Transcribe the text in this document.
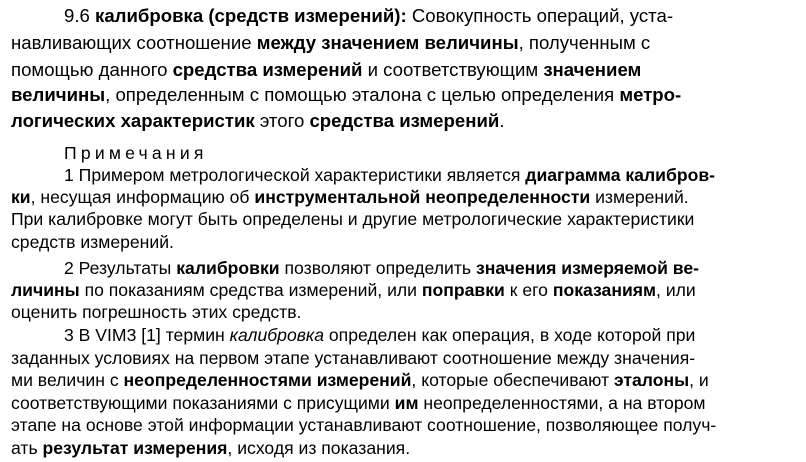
9.6 калибровка (средств измерений): Совокупность операций, уста-
навливающих соотношение между значением величины, полученным с
помощью данного средства измерений и соответствующим значением
величины, определенным с помощью эталона с целью определения метро-
логических характеристик этого средства измерений.
Примечания
1 Примером метрологической характеристики является диаграмма калибров-
ки, несущая информацию об инструментальной неопределенности измерений.
При калибровке могут быть определены и другие метрологические характеристики
средств измерений.
2 Результаты калибровки позволяют определить значения измеряемой ве-
личины по показаниям средства измерений, или поправки к его показаниям, или
оценить погрешность этих средств.
3 В VIM3 [1] термин калибровка определен как операция, в ходе которой при
заданных условиях на первом этапе устанавливают соотношение между значения-
ми величин с неопределенностями измерений, которые обеспечивают эталоны, и
соответствующими показаниями с присущими им неопределенностями, а на втором
этапе на основе этой информации устанавливают соотношение, позволяющее получ-
ать результат измерения, исходя из показания.
